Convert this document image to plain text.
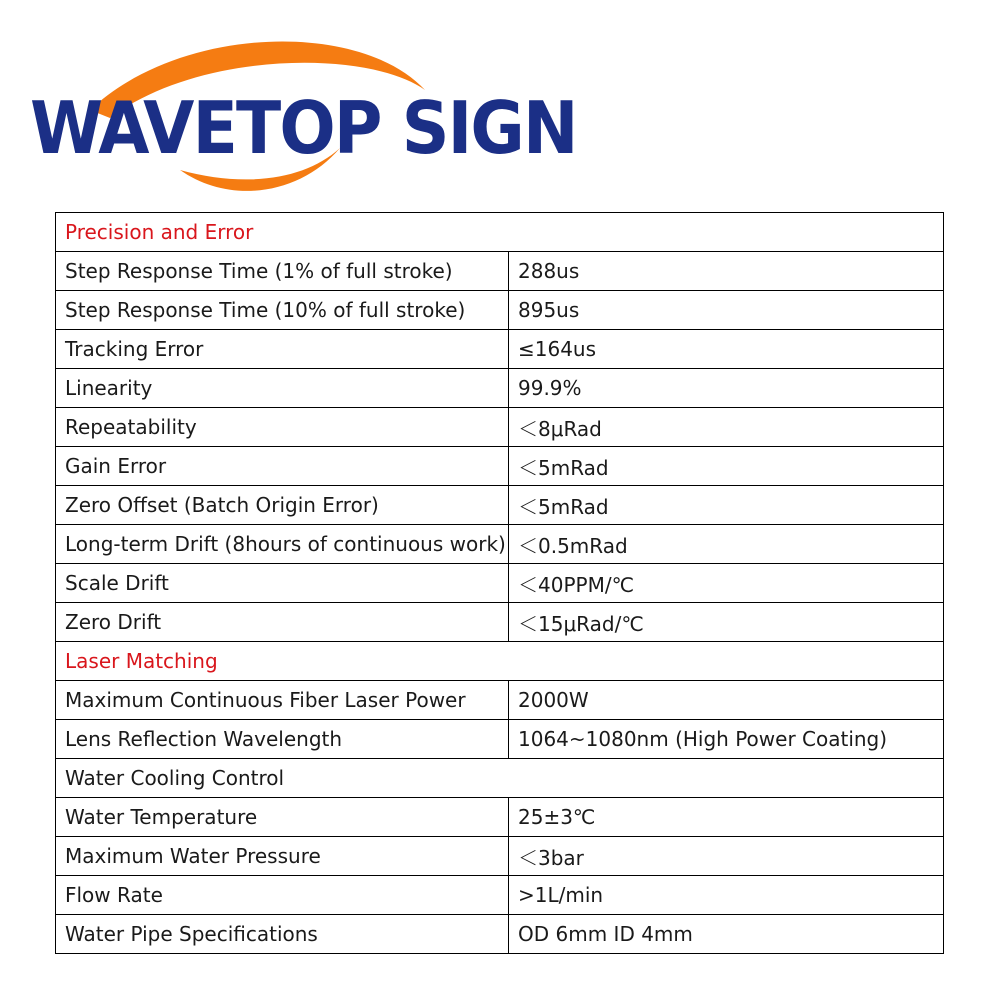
WAVETOP SIGN
Precision and Error	
Step Response Time (1% of full stroke)	288us
Step Response Time (10% of full stroke)	895us
Tracking Error	≤164us
Linearity	99.9%
Repeatability	＜8μRad
Gain Error	＜5mRad
Zero Offset (Batch Origin Error)	＜5mRad
Long-term Drift (8hours of continuous work)	＜0.5mRad
Scale Drift	＜40PPM/℃
Zero Drift	＜15μRad/℃
Laser Matching	
Maximum Continuous Fiber Laser Power	2000W
Lens Reflection Wavelength	1064~1080nm (High Power Coating)
Water Cooling Control	
Water Temperature	25±3℃
Maximum Water Pressure	＜3bar
Flow Rate	>1L/min
Water Pipe Specifications	OD 6mm ID 4mm
